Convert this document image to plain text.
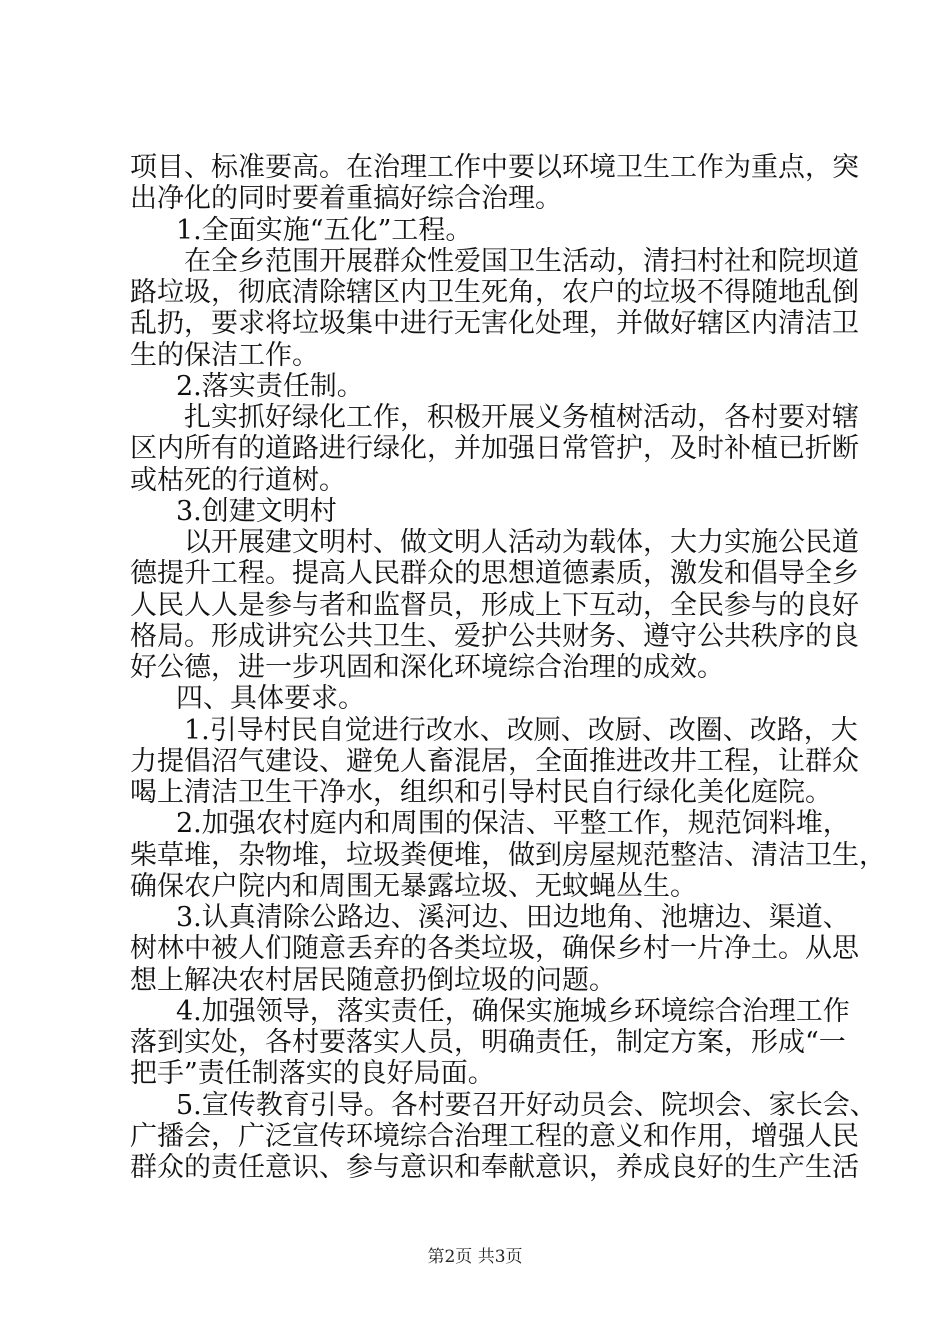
项目、标准要高。在治理工作中要以环境卫生工作为重点，突
出净化的同时要着重搞好综合治理。
1.全面实施“五化”工程。
在全乡范围开展群众性爱国卫生活动，清扫村社和院坝道
路垃圾，彻底清除辖区内卫生死角，农户的垃圾不得随地乱倒
乱扔，要求将垃圾集中进行无害化处理，并做好辖区内清洁卫
生的保洁工作。
2.落实责任制。
扎实抓好绿化工作，积极开展义务植树活动，各村要对辖
区内所有的道路进行绿化，并加强日常管护，及时补植已折断
或枯死的行道树。
3.创建文明村
以开展建文明村、做文明人活动为载体，大力实施公民道
德提升工程。提高人民群众的思想道德素质，激发和倡导全乡
人民人人是参与者和监督员，形成上下互动，全民参与的良好
格局。形成讲究公共卫生、爱护公共财务、遵守公共秩序的良
好公德，进一步巩固和深化环境综合治理的成效。
四、具体要求。
1.引导村民自觉进行改水、改厕、改厨、改圈、改路，大
力提倡沼气建设、避免人畜混居，全面推进改井工程，让群众
喝上清洁卫生干净水，组织和引导村民自行绿化美化庭院。
2.加强农村庭内和周围的保洁、平整工作，规范饲料堆，
柴草堆，杂物堆，垃圾粪便堆，做到房屋规范整洁、清洁卫生，
确保农户院内和周围无暴露垃圾、无蚊蝇丛生。
3.认真清除公路边、溪河边、田边地角、池塘边、渠道、
树林中被人们随意丢弃的各类垃圾，确保乡村一片净土。从思
想上解决农村居民随意扔倒垃圾的问题。
4.加强领导，落实责任，确保实施城乡环境综合治理工作
落到实处，各村要落实人员，明确责任，制定方案，形成“一
把手”责任制落实的良好局面。
5.宣传教育引导。各村要召开好动员会、院坝会、家长会、
广播会，广泛宣传环境综合治理工程的意义和作用，增强人民
群众的责任意识、参与意识和奉献意识，养成良好的生产生活
第2页 共3页
